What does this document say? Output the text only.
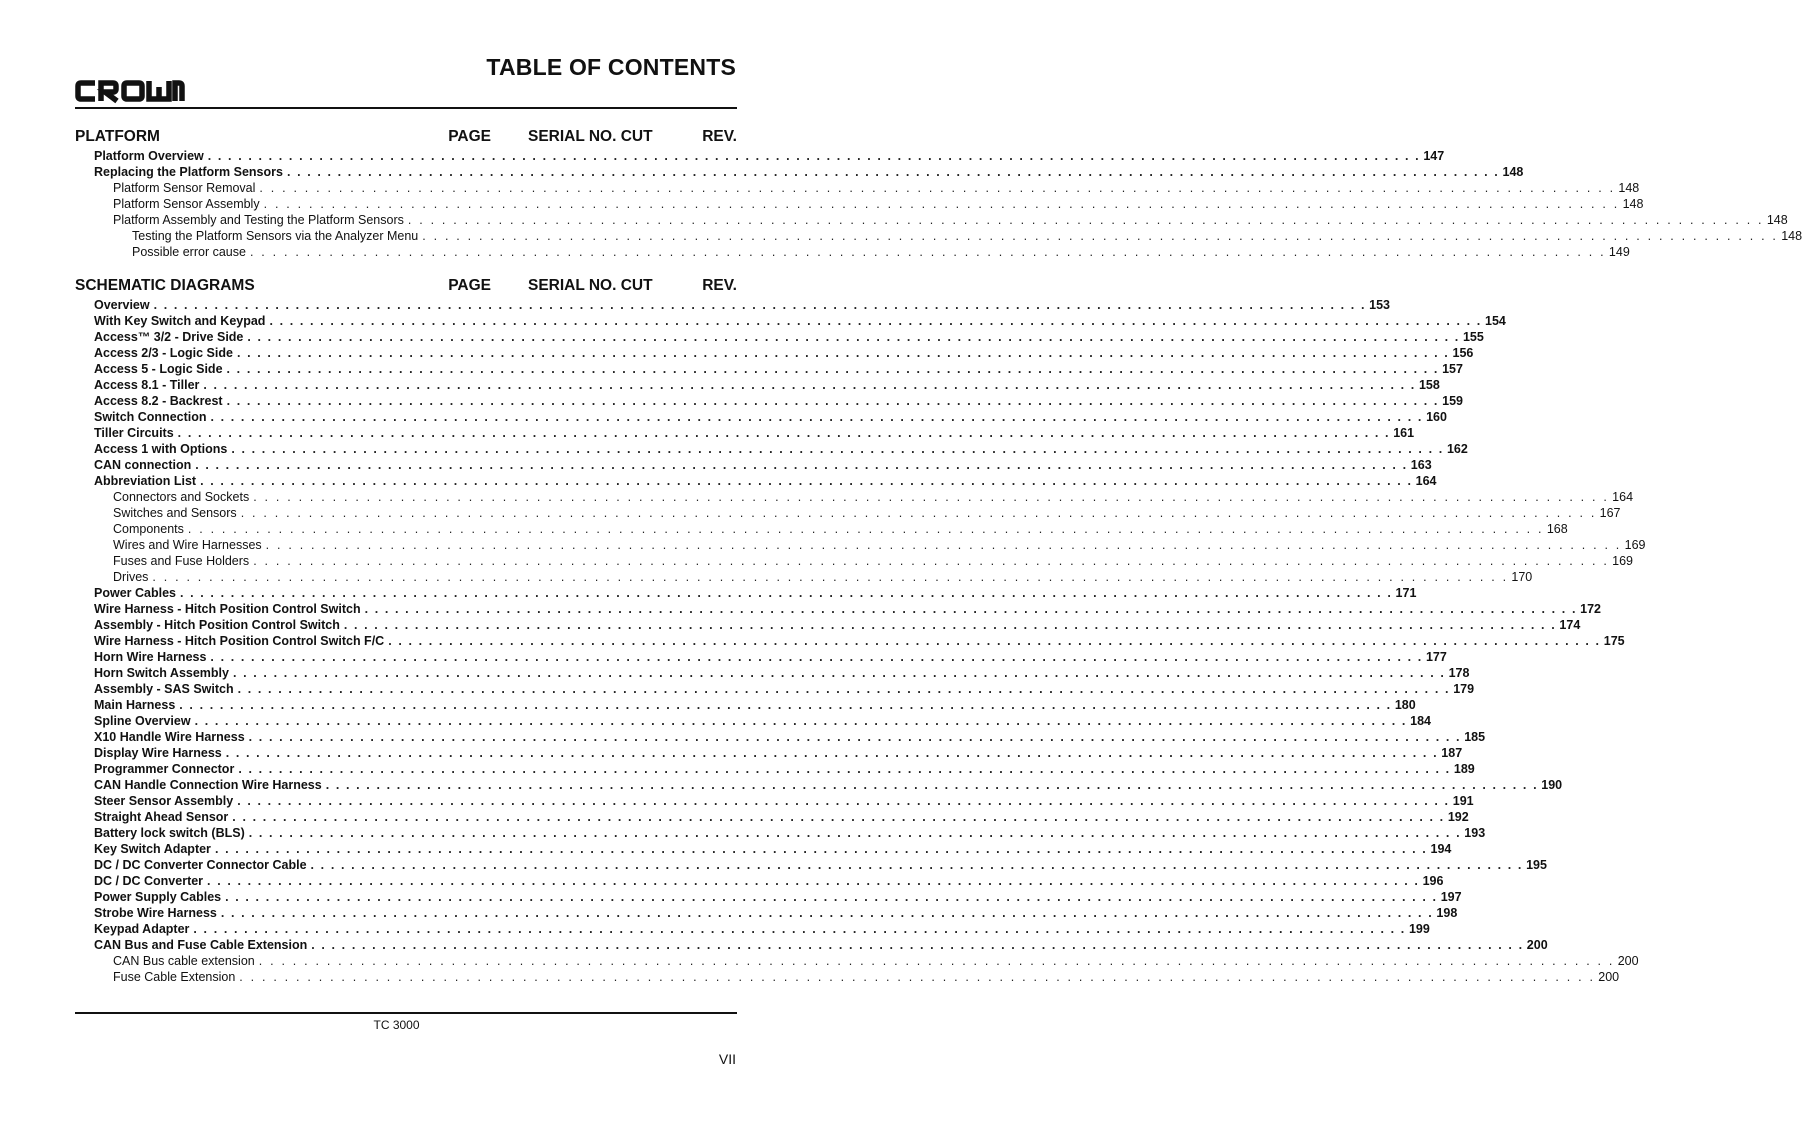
TABLE OF CONTENTS
PLATFORM	PAGE SERIAL NO. CUT	REV.
Platform Overview . . . . . . . . . . . . . . . . . . . . . . . . . . . . . . . . . . . . . . . . . . . . . . . . . . . . . . . . . . . . . . . . . . . . . . . . . . . . . . . . . . . . . . . . . . . . . . . . . . . . . . . . . . . . . . . . . . . . . . . . 147
Replacing the Platform Sensors . . . . . . . . . . . . . . . . . . . . . . . . . . . . . . . . . . . . . . . . . . . . . . . . . . . . . . . . . . . . . . . . . . . . . . . . . . . . . . . . . . . . . . . . . . . . . . . . . . . . . . . . . . . . . . . . . . . . . . . . 148
Platform Sensor Removal . . . . . . . . . . . . . . . . . . . . . . . . . . . . . . . . . . . . . . . . . . . . . . . . . . . . . . . . . . . . . . . . . . . . . . . . . . . . . . . . . . . . . . . . . . . . . . . . . . . . . . . . . . . . . . . . . . . . . . . . 148
Platform Sensor Assembly . . . . . . . . . . . . . . . . . . . . . . . . . . . . . . . . . . . . . . . . . . . . . . . . . . . . . . . . . . . . . . . . . . . . . . . . . . . . . . . . . . . . . . . . . . . . . . . . . . . . . . . . . . . . . . . . . . . . . . . . 148
Platform Assembly and Testing the Platform Sensors . . . . . . . . . . . . . . . . . . . . . . . . . . . . . . . . . . . . . . . . . . . . . . . . . . . . . . . . . . . . . . . . . . . . . . . . . . . . . . . . . . . . . . . . . . . . . . . . . . . . . . . . . . . . . . . . . . . . . . . . 148
Testing the Platform Sensors via the Analyzer Menu . . . . . . . . . . . . . . . . . . . . . . . . . . . . . . . . . . . . . . . . . . . . . . . . . . . . . . . . . . . . . . . . . . . . . . . . . . . . . . . . . . . . . . . . . . . . . . . . . . . . . . . . . . . . . . . . . . . . . . . . 148
Possible error cause . . . . . . . . . . . . . . . . . . . . . . . . . . . . . . . . . . . . . . . . . . . . . . . . . . . . . . . . . . . . . . . . . . . . . . . . . . . . . . . . . . . . . . . . . . . . . . . . . . . . . . . . . . . . . . . . . . . . . . . . 149
SCHEMATIC DIAGRAMS	PAGE SERIAL NO. CUT	REV.
Overview . . . . . . . . . . . . . . . . . . . . . . . . . . . . . . . . . . . . . . . . . . . . . . . . . . . . . . . . . . . . . . . . . . . . . . . . . . . . . . . . . . . . . . . . . . . . . . . . . . . . . . . . . . . . . . . . . . . . . . . . 153
With Key Switch and Keypad . . . . . . . . . . . . . . . . . . . . . . . . . . . . . . . . . . . . . . . . . . . . . . . . . . . . . . . . . . . . . . . . . . . . . . . . . . . . . . . . . . . . . . . . . . . . . . . . . . . . . . . . . . . . . . . . . . . . . . . . 154
Access™ 3/2 - Drive Side . . . . . . . . . . . . . . . . . . . . . . . . . . . . . . . . . . . . . . . . . . . . . . . . . . . . . . . . . . . . . . . . . . . . . . . . . . . . . . . . . . . . . . . . . . . . . . . . . . . . . . . . . . . . . . . . . . . . . . . . 155
Access 2/3 - Logic Side . . . . . . . . . . . . . . . . . . . . . . . . . . . . . . . . . . . . . . . . . . . . . . . . . . . . . . . . . . . . . . . . . . . . . . . . . . . . . . . . . . . . . . . . . . . . . . . . . . . . . . . . . . . . . . . . . . . . . . . . 156
Access 5 - Logic Side . . . . . . . . . . . . . . . . . . . . . . . . . . . . . . . . . . . . . . . . . . . . . . . . . . . . . . . . . . . . . . . . . . . . . . . . . . . . . . . . . . . . . . . . . . . . . . . . . . . . . . . . . . . . . . . . . . . . . . . . 157
Access 8.1 - Tiller . . . . . . . . . . . . . . . . . . . . . . . . . . . . . . . . . . . . . . . . . . . . . . . . . . . . . . . . . . . . . . . . . . . . . . . . . . . . . . . . . . . . . . . . . . . . . . . . . . . . . . . . . . . . . . . . . . . . . . . . 158
Access 8.2 - Backrest . . . . . . . . . . . . . . . . . . . . . . . . . . . . . . . . . . . . . . . . . . . . . . . . . . . . . . . . . . . . . . . . . . . . . . . . . . . . . . . . . . . . . . . . . . . . . . . . . . . . . . . . . . . . . . . . . . . . . . . . 159
Switch Connection . . . . . . . . . . . . . . . . . . . . . . . . . . . . . . . . . . . . . . . . . . . . . . . . . . . . . . . . . . . . . . . . . . . . . . . . . . . . . . . . . . . . . . . . . . . . . . . . . . . . . . . . . . . . . . . . . . . . . . . . 160
Tiller Circuits . . . . . . . . . . . . . . . . . . . . . . . . . . . . . . . . . . . . . . . . . . . . . . . . . . . . . . . . . . . . . . . . . . . . . . . . . . . . . . . . . . . . . . . . . . . . . . . . . . . . . . . . . . . . . . . . . . . . . . . . 161
Access 1 with Options . . . . . . . . . . . . . . . . . . . . . . . . . . . . . . . . . . . . . . . . . . . . . . . . . . . . . . . . . . . . . . . . . . . . . . . . . . . . . . . . . . . . . . . . . . . . . . . . . . . . . . . . . . . . . . . . . . . . . . . . 162
CAN connection . . . . . . . . . . . . . . . . . . . . . . . . . . . . . . . . . . . . . . . . . . . . . . . . . . . . . . . . . . . . . . . . . . . . . . . . . . . . . . . . . . . . . . . . . . . . . . . . . . . . . . . . . . . . . . . . . . . . . . . . 163
Abbreviation List . . . . . . . . . . . . . . . . . . . . . . . . . . . . . . . . . . . . . . . . . . . . . . . . . . . . . . . . . . . . . . . . . . . . . . . . . . . . . . . . . . . . . . . . . . . . . . . . . . . . . . . . . . . . . . . . . . . . . . . . 164
Connectors and Sockets . . . . . . . . . . . . . . . . . . . . . . . . . . . . . . . . . . . . . . . . . . . . . . . . . . . . . . . . . . . . . . . . . . . . . . . . . . . . . . . . . . . . . . . . . . . . . . . . . . . . . . . . . . . . . . . . . . . . . . . . 164
Switches and Sensors . . . . . . . . . . . . . . . . . . . . . . . . . . . . . . . . . . . . . . . . . . . . . . . . . . . . . . . . . . . . . . . . . . . . . . . . . . . . . . . . . . . . . . . . . . . . . . . . . . . . . . . . . . . . . . . . . . . . . . . . 167
Components . . . . . . . . . . . . . . . . . . . . . . . . . . . . . . . . . . . . . . . . . . . . . . . . . . . . . . . . . . . . . . . . . . . . . . . . . . . . . . . . . . . . . . . . . . . . . . . . . . . . . . . . . . . . . . . . . . . . . . . . 168
Wires and Wire Harnesses . . . . . . . . . . . . . . . . . . . . . . . . . . . . . . . . . . . . . . . . . . . . . . . . . . . . . . . . . . . . . . . . . . . . . . . . . . . . . . . . . . . . . . . . . . . . . . . . . . . . . . . . . . . . . . . . . . . . . . . . 169
Fuses and Fuse Holders . . . . . . . . . . . . . . . . . . . . . . . . . . . . . . . . . . . . . . . . . . . . . . . . . . . . . . . . . . . . . . . . . . . . . . . . . . . . . . . . . . . . . . . . . . . . . . . . . . . . . . . . . . . . . . . . . . . . . . . . 169
Drives . . . . . . . . . . . . . . . . . . . . . . . . . . . . . . . . . . . . . . . . . . . . . . . . . . . . . . . . . . . . . . . . . . . . . . . . . . . . . . . . . . . . . . . . . . . . . . . . . . . . . . . . . . . . . . . . . . . . . . . . 170
Power Cables . . . . . . . . . . . . . . . . . . . . . . . . . . . . . . . . . . . . . . . . . . . . . . . . . . . . . . . . . . . . . . . . . . . . . . . . . . . . . . . . . . . . . . . . . . . . . . . . . . . . . . . . . . . . . . . . . . . . . . . . 171
Wire Harness - Hitch Position Control Switch . . . . . . . . . . . . . . . . . . . . . . . . . . . . . . . . . . . . . . . . . . . . . . . . . . . . . . . . . . . . . . . . . . . . . . . . . . . . . . . . . . . . . . . . . . . . . . . . . . . . . . . . . . . . . . . . . . . . . . . . 172
Assembly - Hitch Position Control Switch . . . . . . . . . . . . . . . . . . . . . . . . . . . . . . . . . . . . . . . . . . . . . . . . . . . . . . . . . . . . . . . . . . . . . . . . . . . . . . . . . . . . . . . . . . . . . . . . . . . . . . . . . . . . . . . . . . . . . . . . 174
Wire Harness - Hitch Position Control Switch F/C . . . . . . . . . . . . . . . . . . . . . . . . . . . . . . . . . . . . . . . . . . . . . . . . . . . . . . . . . . . . . . . . . . . . . . . . . . . . . . . . . . . . . . . . . . . . . . . . . . . . . . . . . . . . . . . . . . . . . . . . 175
Horn Wire Harness . . . . . . . . . . . . . . . . . . . . . . . . . . . . . . . . . . . . . . . . . . . . . . . . . . . . . . . . . . . . . . . . . . . . . . . . . . . . . . . . . . . . . . . . . . . . . . . . . . . . . . . . . . . . . . . . . . . . . . . . 177
Horn Switch Assembly . . . . . . . . . . . . . . . . . . . . . . . . . . . . . . . . . . . . . . . . . . . . . . . . . . . . . . . . . . . . . . . . . . . . . . . . . . . . . . . . . . . . . . . . . . . . . . . . . . . . . . . . . . . . . . . . . . . . . . . . 178
Assembly - SAS Switch . . . . . . . . . . . . . . . . . . . . . . . . . . . . . . . . . . . . . . . . . . . . . . . . . . . . . . . . . . . . . . . . . . . . . . . . . . . . . . . . . . . . . . . . . . . . . . . . . . . . . . . . . . . . . . . . . . . . . . . . 179
Main Harness . . . . . . . . . . . . . . . . . . . . . . . . . . . . . . . . . . . . . . . . . . . . . . . . . . . . . . . . . . . . . . . . . . . . . . . . . . . . . . . . . . . . . . . . . . . . . . . . . . . . . . . . . . . . . . . . . . . . . . . . 180
Spline Overview . . . . . . . . . . . . . . . . . . . . . . . . . . . . . . . . . . . . . . . . . . . . . . . . . . . . . . . . . . . . . . . . . . . . . . . . . . . . . . . . . . . . . . . . . . . . . . . . . . . . . . . . . . . . . . . . . . . . . . . . 184
X10 Handle Wire Harness . . . . . . . . . . . . . . . . . . . . . . . . . . . . . . . . . . . . . . . . . . . . . . . . . . . . . . . . . . . . . . . . . . . . . . . . . . . . . . . . . . . . . . . . . . . . . . . . . . . . . . . . . . . . . . . . . . . . . . . . 185
Display Wire Harness . . . . . . . . . . . . . . . . . . . . . . . . . . . . . . . . . . . . . . . . . . . . . . . . . . . . . . . . . . . . . . . . . . . . . . . . . . . . . . . . . . . . . . . . . . . . . . . . . . . . . . . . . . . . . . . . . . . . . . . . 187
Programmer Connector . . . . . . . . . . . . . . . . . . . . . . . . . . . . . . . . . . . . . . . . . . . . . . . . . . . . . . . . . . . . . . . . . . . . . . . . . . . . . . . . . . . . . . . . . . . . . . . . . . . . . . . . . . . . . . . . . . . . . . . . 189
CAN Handle Connection Wire Harness . . . . . . . . . . . . . . . . . . . . . . . . . . . . . . . . . . . . . . . . . . . . . . . . . . . . . . . . . . . . . . . . . . . . . . . . . . . . . . . . . . . . . . . . . . . . . . . . . . . . . . . . . . . . . . . . . . . . . . . . 190
Steer Sensor Assembly . . . . . . . . . . . . . . . . . . . . . . . . . . . . . . . . . . . . . . . . . . . . . . . . . . . . . . . . . . . . . . . . . . . . . . . . . . . . . . . . . . . . . . . . . . . . . . . . . . . . . . . . . . . . . . . . . . . . . . . . 191
Straight Ahead Sensor . . . . . . . . . . . . . . . . . . . . . . . . . . . . . . . . . . . . . . . . . . . . . . . . . . . . . . . . . . . . . . . . . . . . . . . . . . . . . . . . . . . . . . . . . . . . . . . . . . . . . . . . . . . . . . . . . . . . . . . . 192
Battery lock switch (BLS) . . . . . . . . . . . . . . . . . . . . . . . . . . . . . . . . . . . . . . . . . . . . . . . . . . . . . . . . . . . . . . . . . . . . . . . . . . . . . . . . . . . . . . . . . . . . . . . . . . . . . . . . . . . . . . . . . . . . . . . . 193
Key Switch Adapter . . . . . . . . . . . . . . . . . . . . . . . . . . . . . . . . . . . . . . . . . . . . . . . . . . . . . . . . . . . . . . . . . . . . . . . . . . . . . . . . . . . . . . . . . . . . . . . . . . . . . . . . . . . . . . . . . . . . . . . . 194
DC / DC Converter Connector Cable . . . . . . . . . . . . . . . . . . . . . . . . . . . . . . . . . . . . . . . . . . . . . . . . . . . . . . . . . . . . . . . . . . . . . . . . . . . . . . . . . . . . . . . . . . . . . . . . . . . . . . . . . . . . . . . . . . . . . . . . 195
DC / DC Converter . . . . . . . . . . . . . . . . . . . . . . . . . . . . . . . . . . . . . . . . . . . . . . . . . . . . . . . . . . . . . . . . . . . . . . . . . . . . . . . . . . . . . . . . . . . . . . . . . . . . . . . . . . . . . . . . . . . . . . . . 196
Power Supply Cables . . . . . . . . . . . . . . . . . . . . . . . . . . . . . . . . . . . . . . . . . . . . . . . . . . . . . . . . . . . . . . . . . . . . . . . . . . . . . . . . . . . . . . . . . . . . . . . . . . . . . . . . . . . . . . . . . . . . . . . . 197
Strobe Wire Harness . . . . . . . . . . . . . . . . . . . . . . . . . . . . . . . . . . . . . . . . . . . . . . . . . . . . . . . . . . . . . . . . . . . . . . . . . . . . . . . . . . . . . . . . . . . . . . . . . . . . . . . . . . . . . . . . . . . . . . . . 198
Keypad Adapter . . . . . . . . . . . . . . . . . . . . . . . . . . . . . . . . . . . . . . . . . . . . . . . . . . . . . . . . . . . . . . . . . . . . . . . . . . . . . . . . . . . . . . . . . . . . . . . . . . . . . . . . . . . . . . . . . . . . . . . . 199
CAN Bus and Fuse Cable Extension . . . . . . . . . . . . . . . . . . . . . . . . . . . . . . . . . . . . . . . . . . . . . . . . . . . . . . . . . . . . . . . . . . . . . . . . . . . . . . . . . . . . . . . . . . . . . . . . . . . . . . . . . . . . . . . . . . . . . . . . 200
CAN Bus cable extension . . . . . . . . . . . . . . . . . . . . . . . . . . . . . . . . . . . . . . . . . . . . . . . . . . . . . . . . . . . . . . . . . . . . . . . . . . . . . . . . . . . . . . . . . . . . . . . . . . . . . . . . . . . . . . . . . . . . . . . . 200
Fuse Cable Extension . . . . . . . . . . . . . . . . . . . . . . . . . . . . . . . . . . . . . . . . . . . . . . . . . . . . . . . . . . . . . . . . . . . . . . . . . . . . . . . . . . . . . . . . . . . . . . . . . . . . . . . . . . . . . . . . . . . . . . . . 200
TC 3000
VII
